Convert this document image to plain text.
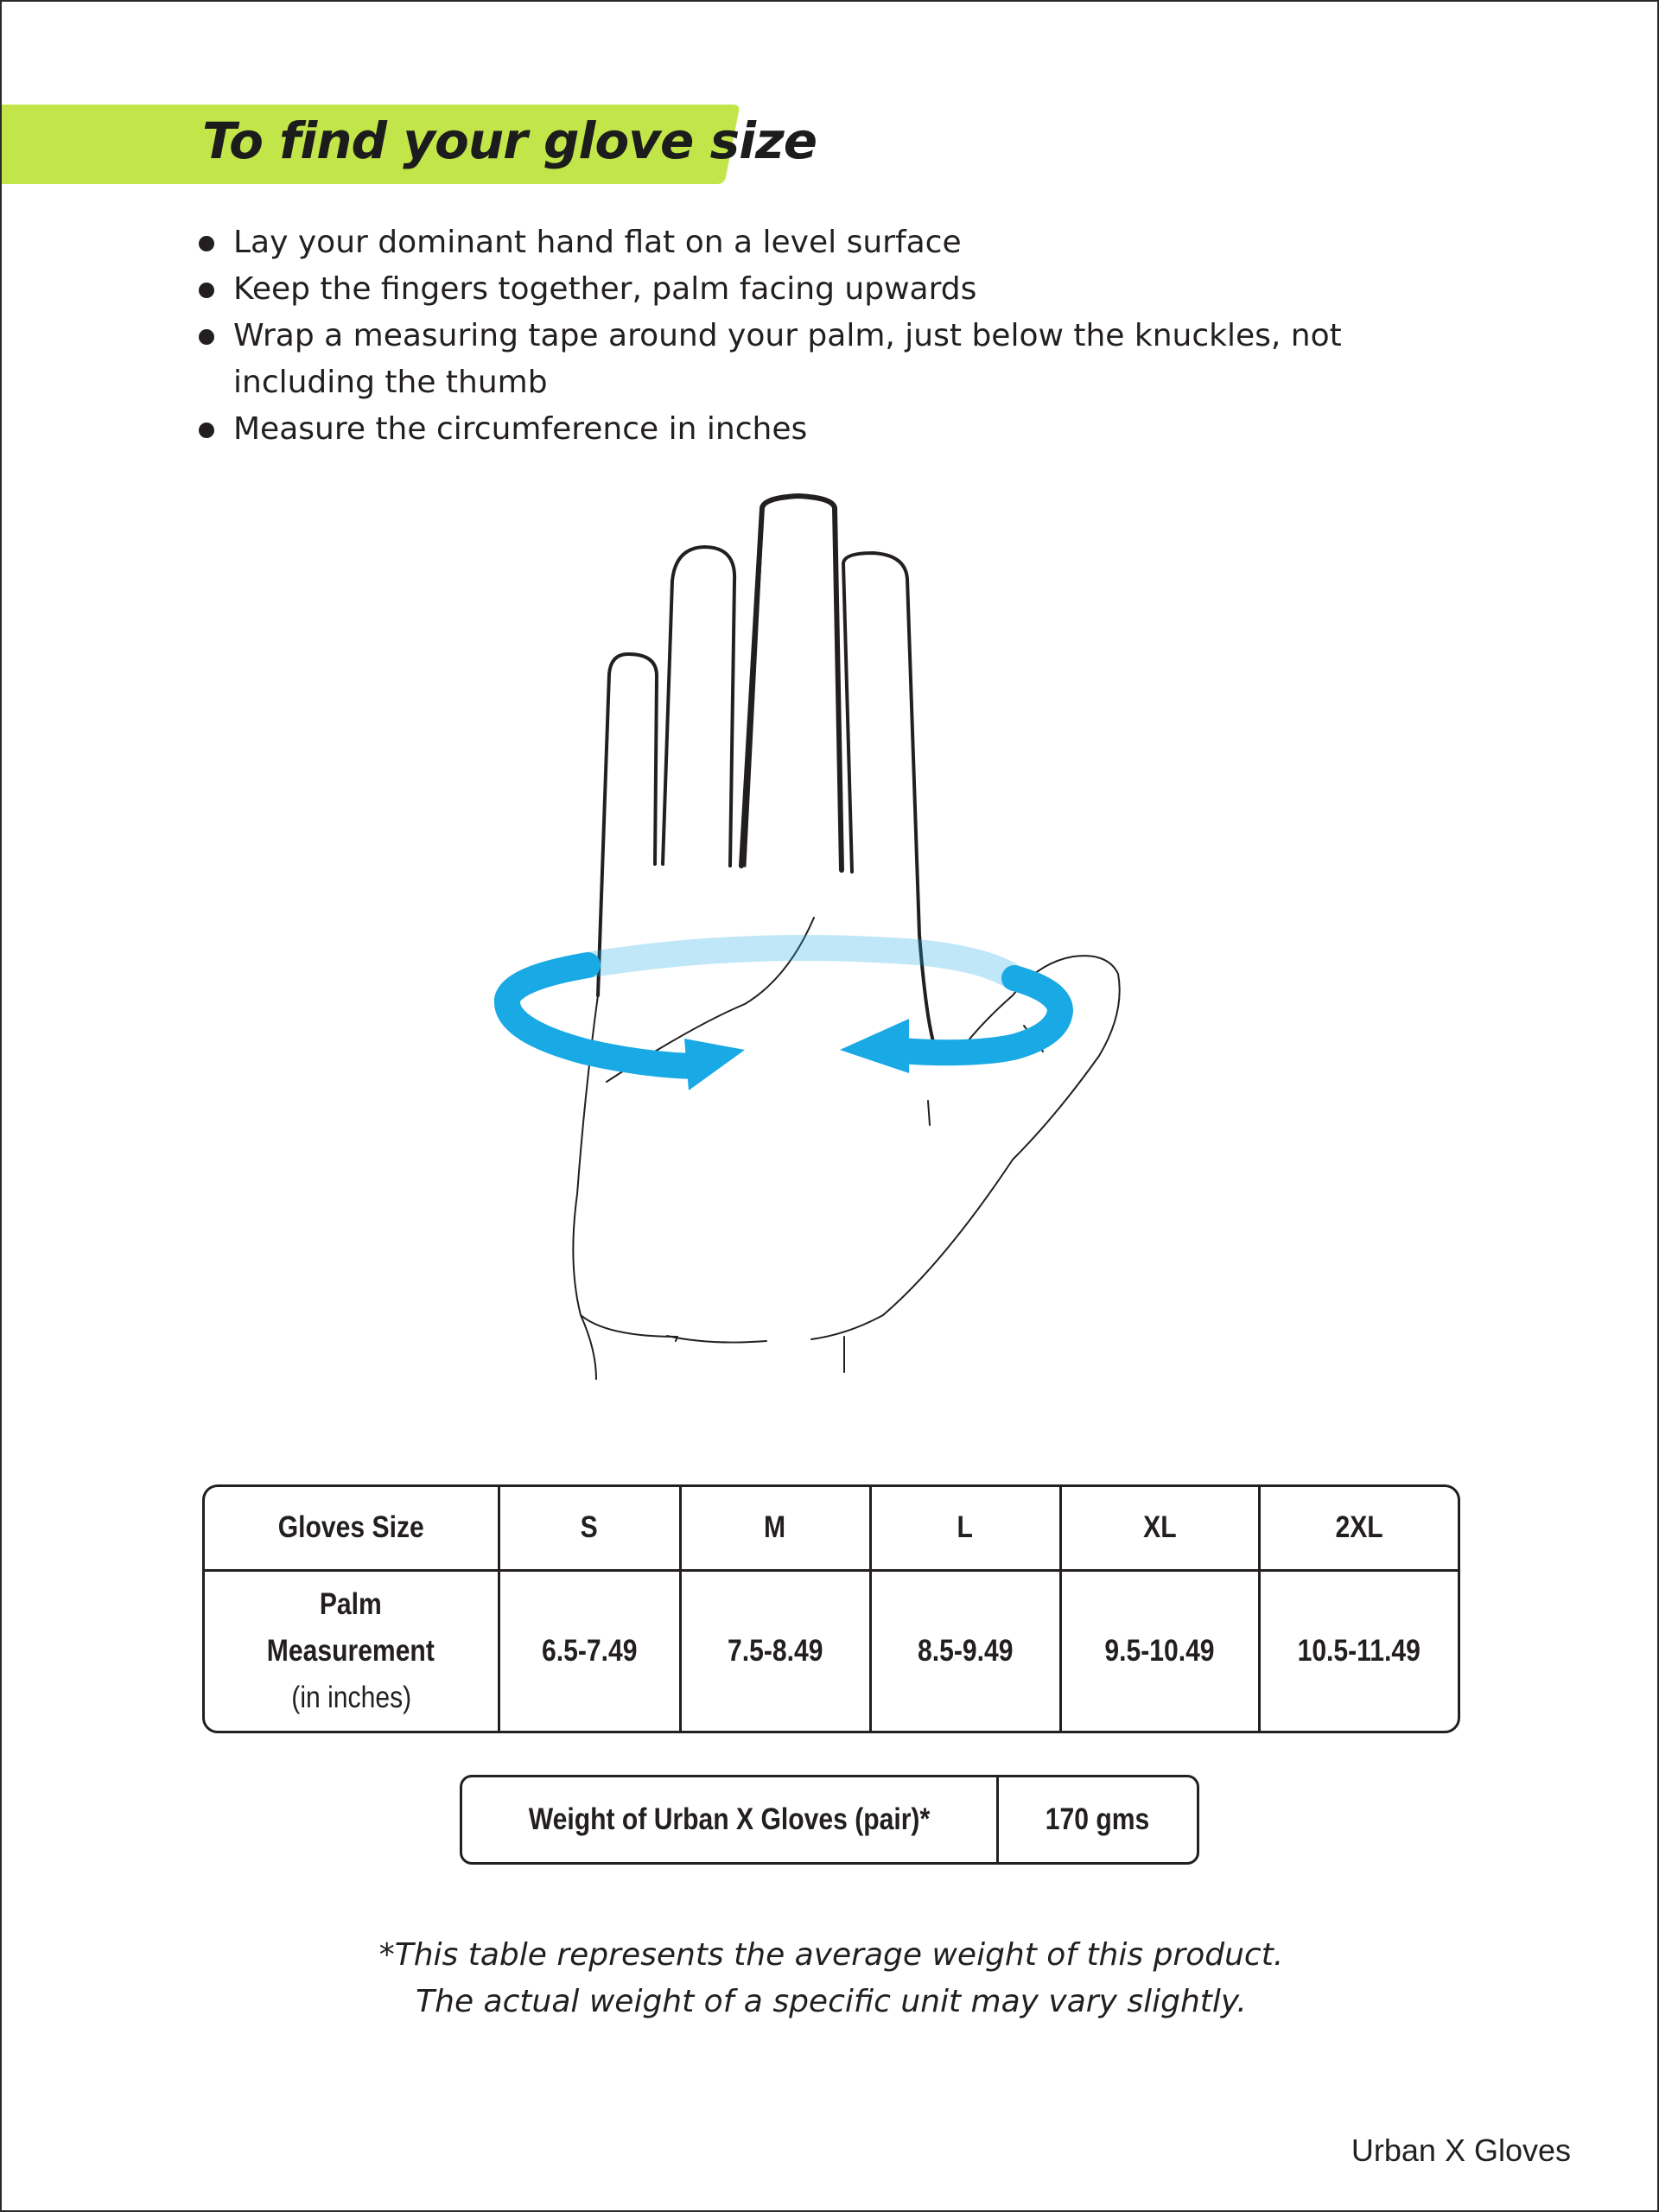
To find your glove size
Lay your dominant hand flat on a level surface
Keep the fingers together, palm facing upwards
Wrap a measuring tape around your palm, just below the knuckles, not including the thumb
Measure the circumference in inches
Gloves Size	S	M	L	XL	2XL
Palm
Measurement
(in inches)	6.5-7.49	7.5-8.49	8.5-9.49	9.5-10.49	10.5-11.49
Weight of Urban X Gloves (pair)*	170 gms
*This table represents the average weight of this product.
The actual weight of a specific unit may vary slightly.
Urban X Gloves
